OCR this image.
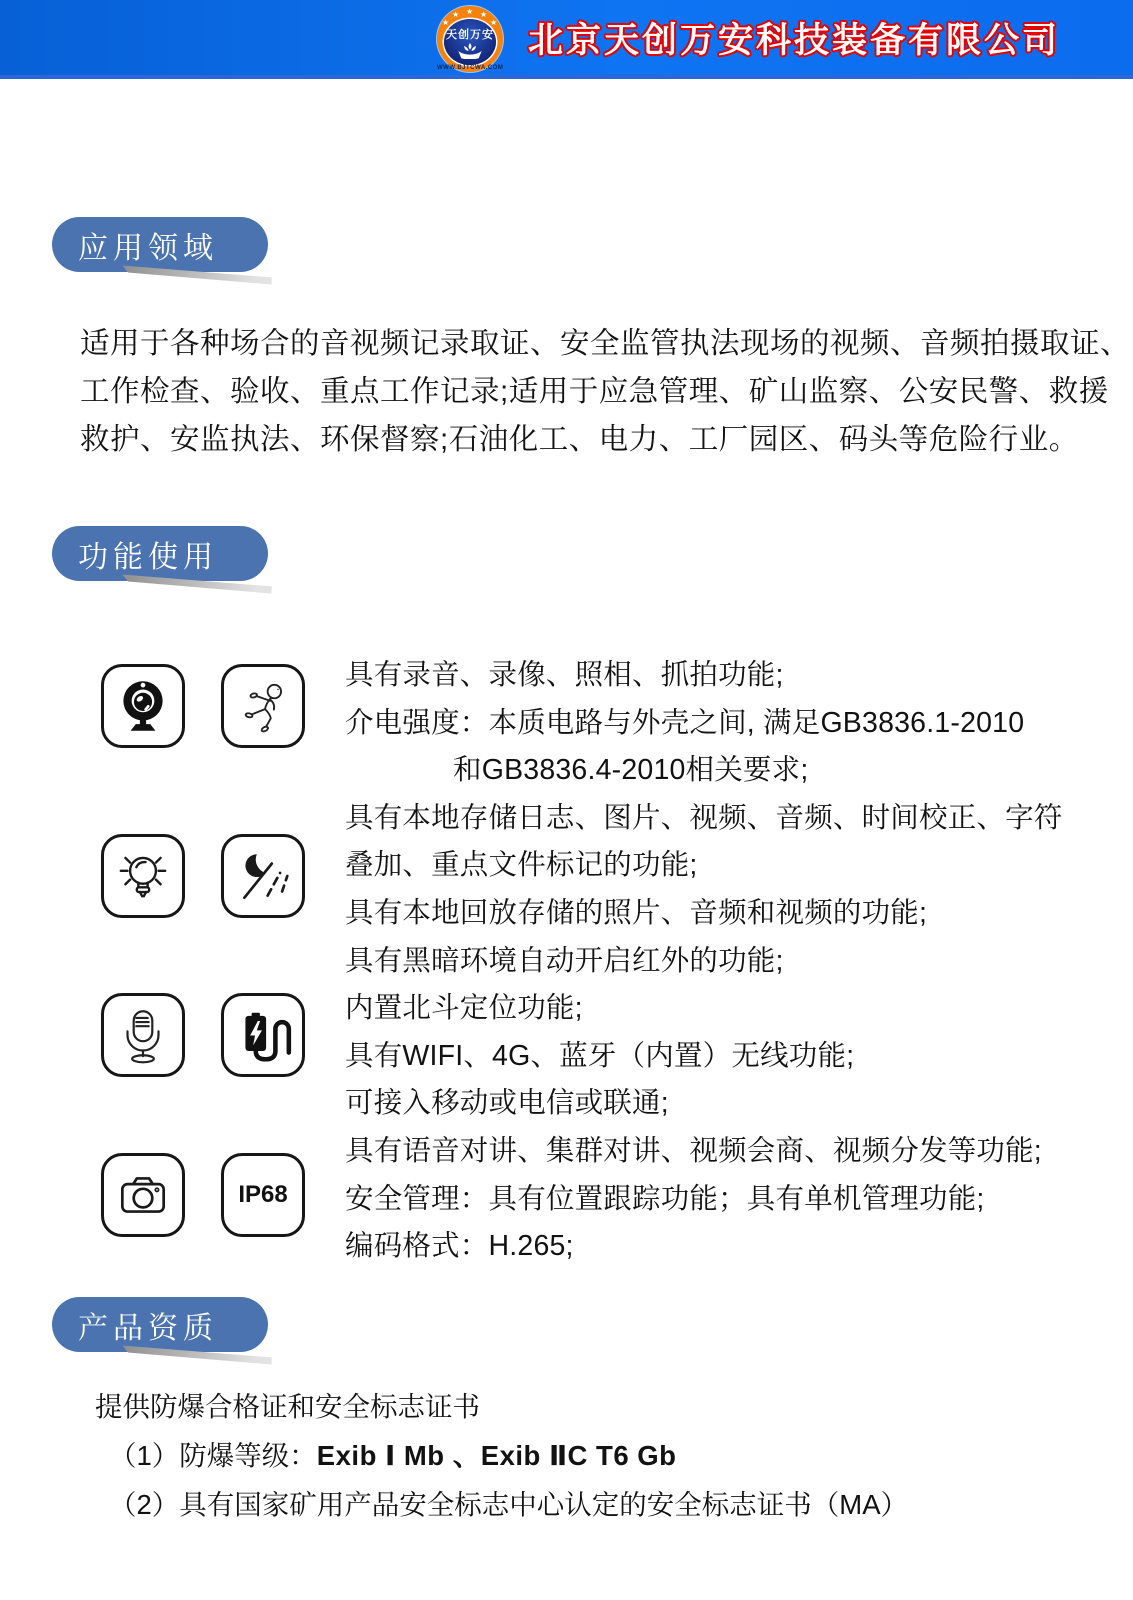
★
★ ★ ★
★
天创万安
WWW.BJTCWA.COM
北京天创万安科技装备有限公司
应用领域
适用于各种场合的音视频记录取证、安全监管执法现场的视频、音频拍摄取证、
工作检查、验收、重点工作记录;适用于应急管理、矿山监察、公安民警、救援
救护、安监执法、环保督察;石油化工、电力、工厂园区、码头等危险行业。
功能使用
IP68
具有录音、录像、照相、抓拍功能;
介电强度：本质电路与外壳之间, 满足GB3836.1-2010
和GB3836.4-2010相关要求;
具有本地存储日志、图片、视频、音频、时间校正、字符
叠加、重点文件标记的功能;
具有本地回放存储的照片、音频和视频的功能;
具有黑暗环境自动开启红外的功能;
内置北斗定位功能;
具有WIFI、4G、蓝牙（内置）无线功能;
可接入移动或电信或联通;
具有语音对讲、集群对讲、视频会商、视频分发等功能;
安全管理：具有位置跟踪功能；具有单机管理功能;
编码格式：H.265;
产品资质
提供防爆合格证和安全标志证书
（1）防爆等级：Exib Ⅰ Mb 、Exib ⅡC T6 Gb
（2）具有国家矿用产品安全标志中心认定的安全标志证书（MA）
